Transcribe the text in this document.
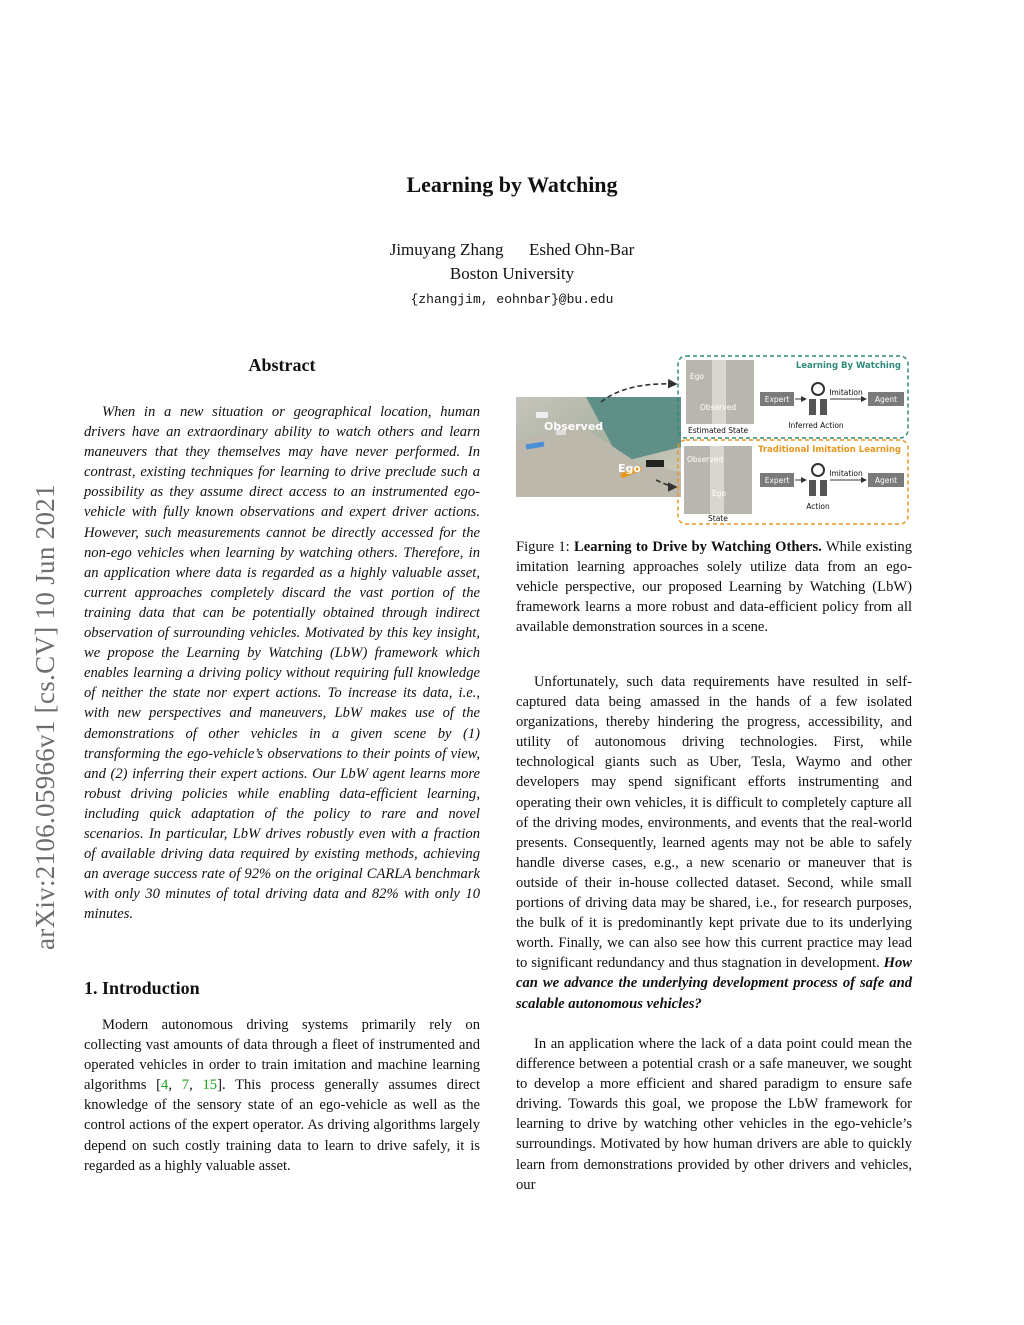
arXiv:2106.05966v1 [cs.CV] 10 Jun 2021
Learning by Watching
Jimuyang Zhang Eshed Ohn-Bar
Boston University
{zhangjim, eohnbar}@bu.edu
Abstract

When in a new situation or geographical location, human drivers have an extraordinary ability to watch others and learn maneuvers that they themselves may have never performed. In contrast, existing techniques for learning to drive preclude such a possibility as they assume direct access to an instrumented ego-vehicle with fully known observations and expert driver actions. However, such measurements cannot be directly accessed for the non-ego vehicles when learning by watching others. Therefore, in an application where data is regarded as a highly valuable asset, current approaches completely discard the vast portion of the training data that can be potentially obtained through indirect observation of surrounding vehicles. Motivated by this key insight, we propose the Learning by Watching (LbW) framework which enables learning a driving policy without requiring full knowledge of neither the state nor expert actions. To increase its data, i.e., with new perspectives and maneuvers, LbW makes use of the demonstrations of other vehicles in a given scene by (1) transforming the ego-vehicle’s observations to their points of view, and (2) inferring their expert actions. Our LbW agent learns more robust driving policies while enabling data-efficient learning, including quick adaptation of the policy to rare and novel scenarios. In particular, LbW drives robustly even with a fraction of available driving data required by existing methods, achieving an average success rate of 92% on the original CARLA benchmark with only 30 minutes of total driving data and 82% with only 10 minutes.

1. Introduction

Modern autonomous driving systems primarily rely on collecting vast amounts of data through a fleet of instrumented and operated vehicles in order to train imitation and machine learning algorithms [4, 7, 15]. This process generally assumes direct knowledge of the sensory state of an ego-vehicle as well as the control actions of the expert operator. As driving algorithms largely depend on such costly training data to learn to drive safely, it is regarded as a highly valuable asset.

Observed
Ego
Learning By Watching
Ego
Observed
Estimated State
Expert
Imitation
Agent
Inferred Action
Traditional Imitation Learning
Observed
Ego
State
Expert
Imitation
Agent
Action

Figure 1: Learning to Drive by Watching Others. While existing imitation learning approaches solely utilize data from an ego-vehicle perspective, our proposed Learning by Watching (LbW) framework learns a more robust and data-efficient policy from all available demonstration sources in a scene.

Unfortunately, such data requirements have resulted in self-captured data being amassed in the hands of a few isolated organizations, thereby hindering the progress, accessibility, and utility of autonomous driving technologies. First, while technological giants such as Uber, Tesla, Waymo and other developers may spend significant efforts instrumenting and operating their own vehicles, it is difficult to completely capture all of the driving modes, environments, and events that the real-world presents. Consequently, learned agents may not be able to safely handle diverse cases, e.g., a new scenario or maneuver that is outside of their in-house collected dataset. Second, while small portions of driving data may be shared, i.e., for research purposes, the bulk of it is predominantly kept private due to its underlying worth. Finally, we can also see how this current practice may lead to significant redundancy and thus stagnation in development. How can we advance the underlying development process of safe and scalable autonomous vehicles?

In an application where the lack of a data point could mean the difference between a potential crash or a safe maneuver, we sought to develop a more efficient and shared paradigm to ensure safe driving. Towards this goal, we propose the LbW framework for learning to drive by watching other vehicles in the ego-vehicle’s surroundings. Motivated by how human drivers are able to quickly learn from demonstrations provided by other drivers and vehicles, our
